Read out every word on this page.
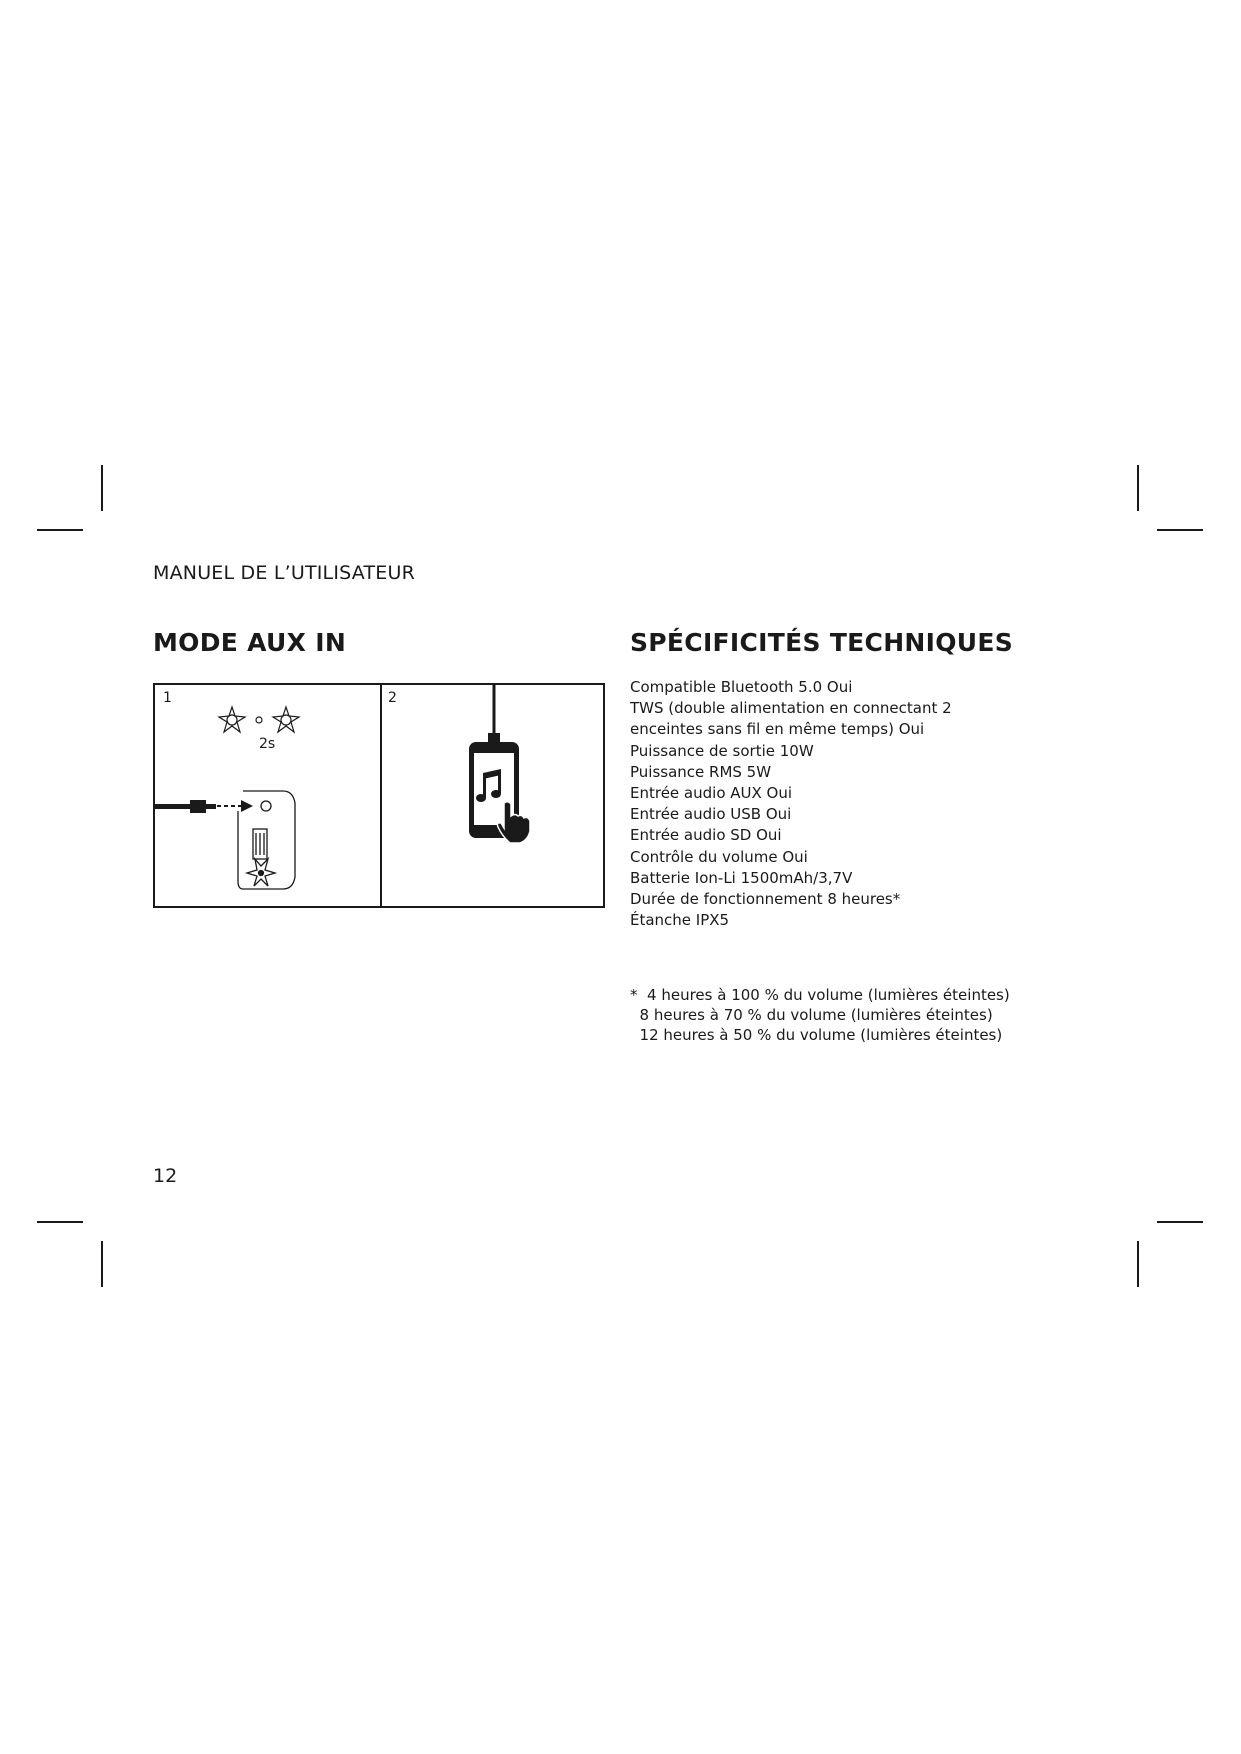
MANUEL DE L’UTILISATEUR
MODE AUX IN	SPÉCIFICITÉS TECHNIQUES
1
2s
2
Compatible Bluetooth 5.0 Oui
TWS (double alimentation en connectant 2 enceintes sans fil en même temps) Oui
Puissance de sortie 10W
Puissance RMS 5W
Entrée audio AUX Oui
Entrée audio USB Oui
Entrée audio SD Oui
Contrôle du volume Oui
Batterie Ion-Li 1500mAh/3,7V
Durée de fonctionnement 8 heures*
Étanche IPX5
*  4 heures à 100 % du volume (lumières éteintes)
8 heures à 70 % du volume (lumières éteintes)
12 heures à 50 % du volume (lumières éteintes)
12
